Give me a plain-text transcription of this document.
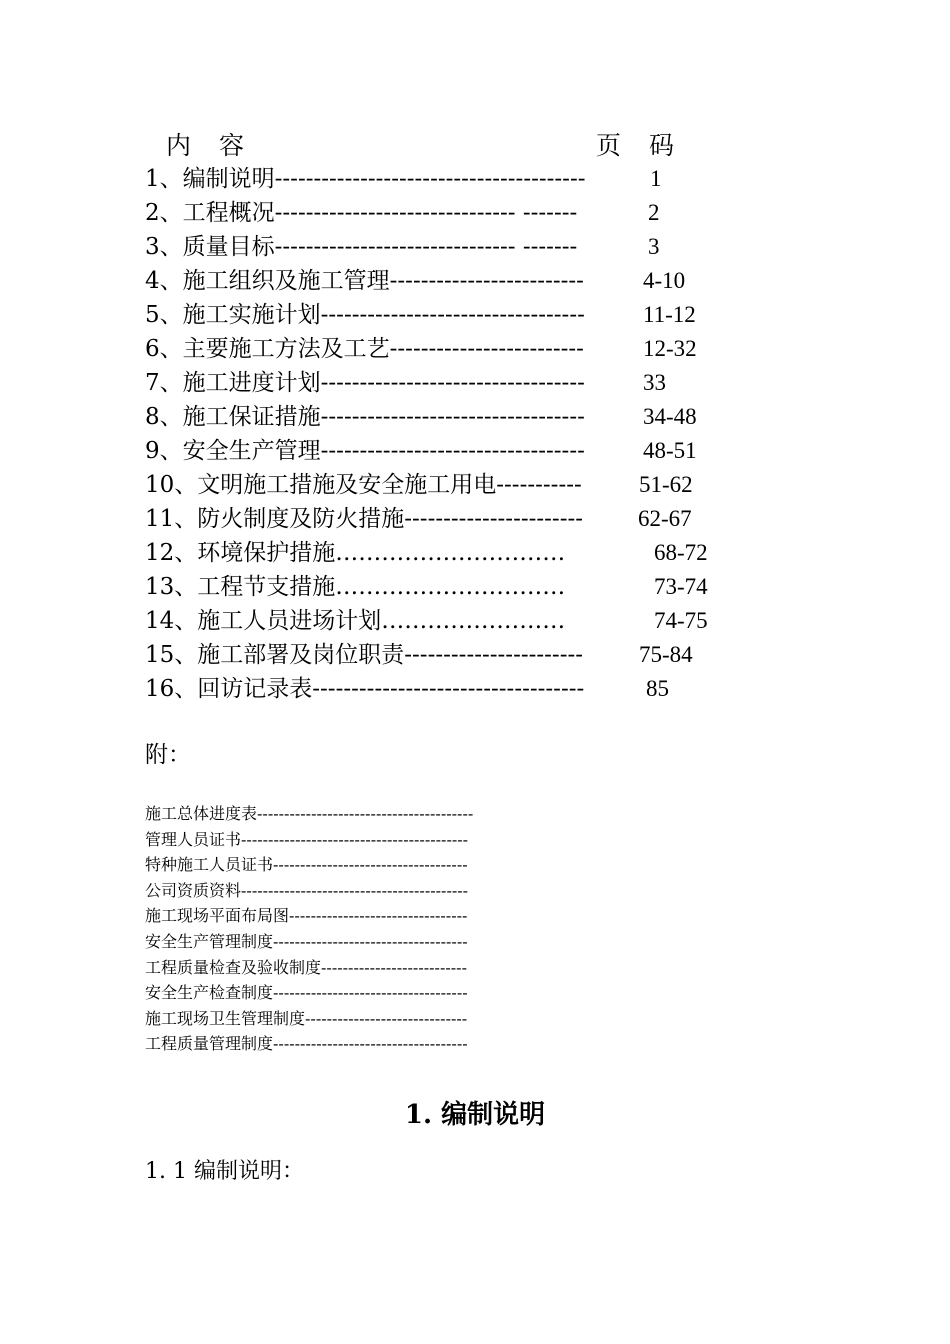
内 容	页 码
1、编制说明----------------------------------------	1
2、工程概况------------------------------- -------	2
3、质量目标------------------------------- -------	3
4、施工组织及施工管理-------------------------	4-10
5、施工实施计划----------------------------------	11-12
6、主要施工方法及工艺-------------------------	12-32
7、施工进度计划----------------------------------	33
8、施工保证措施----------------------------------	34-48
9、安全生产管理----------------------------------	48-51
10、文明施工措施及安全施工用电----------- 51-62
11、防火制度及防火措施----------------------- 62-67
12、环境保护措施…………………………	68-72
13、工程节支措施…………………………	73-74
14、施工人员进场计划……………………	74-75
15、施工部署及岗位职责----------------------- 75-84
16、回访记录表-----------------------------------	85
附：
施工总体进度表----------------------------------------
管理人员证书------------------------------------------
特种施工人员证书------------------------------------
公司资质资料------------------------------------------
施工现场平面布局图---------------------------------
安全生产管理制度------------------------------------
工程质量检查及验收制度---------------------------
安全生产检查制度------------------------------------
施工现场卫生管理制度------------------------------
工程质量管理制度------------------------------------
1. 编制说明
1. 1 编制说明：
